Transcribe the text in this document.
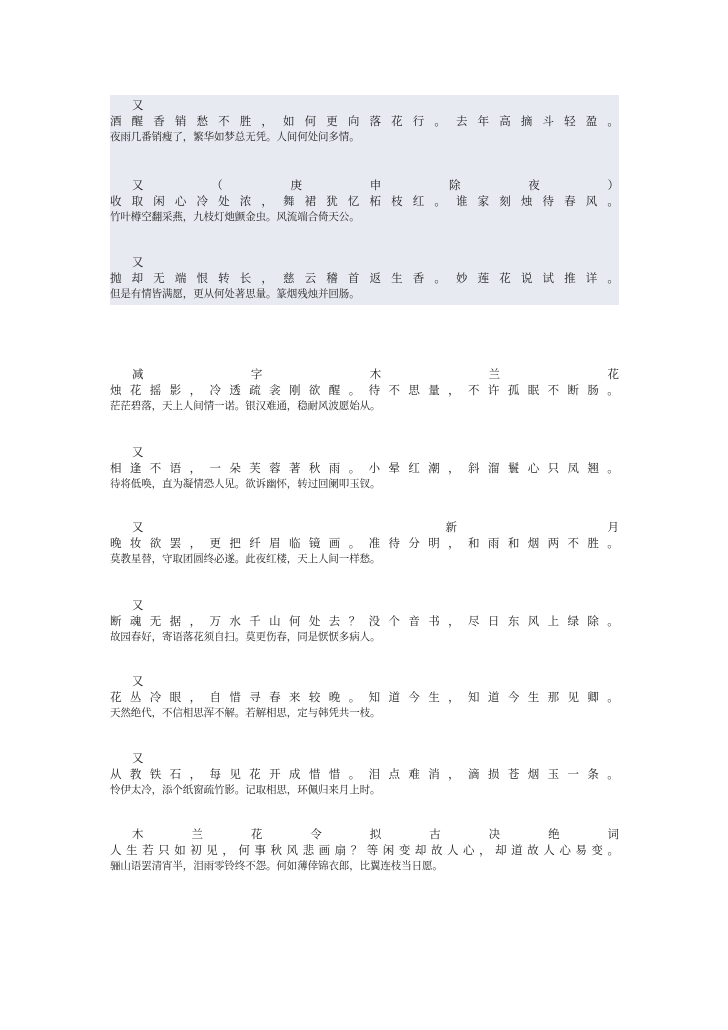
又
酒 醒 香 销 愁 不 胜 ， 如 何 更 向 落 花 行 。 去 年 高 摘 斗 轻 盈 。
夜雨几番销瘦了，繁华如梦总无凭。人间何处问多情。
又	（	庚	申	除	夜	）
收 取 闲 心 冷 处 浓 ， 舞 裙 犹 忆 柘 枝 红 。 谁 家 刻 烛 待 春 风 。
竹叶樽空翻采燕，九枝灯灺颤金虫。风流端合倚天公。
又
抛 却 无 端 恨 转 长 ， 慈 云 稽 首 返 生 香 。 妙 莲 花 说 试 推 详 。
但是有情皆满愿，更从何处著思量。篆烟残烛并回肠。
减	字	木	兰	花
烛 花 摇 影 ， 冷 透 疏 衾 刚 欲 醒 。 待 不 思 量 ， 不 许 孤 眠 不 断 肠 。
茫茫碧落，天上人间情一诺。银汉难通，稳耐风波愿始从。
又
相 逢 不 语 ， 一 朵 芙 蓉 著 秋 雨 。 小 晕 红 潮 ， 斜 溜 鬟 心 只 凤 翘 。
待将低唤，直为凝情恐人见。欲诉幽怀，转过回阑叩玉钗。
又	新	月
晚 妆 欲 罢 ， 更 把 纤 眉 临 镜 画 。 准 待 分 明 ， 和 雨 和 烟 两 不 胜 。
莫教星替，守取团圆终必遂。此夜红楼，天上人间一样愁。
又
断 魂 无 据 ， 万 水 千 山 何 处 去 ？ 没 个 音 书 ， 尽 日 东 风 上 绿 除 。
故园春好，寄语落花须自扫。莫更伤春，同是恹恹多病人。
又
花 丛 冷 眼 ， 自 惜 寻 春 来 较 晚 。 知 道 今 生 ， 知 道 今 生 那 见 卿 。
天然绝代，不信相思浑不解。若解相思，定与韩凭共一枝。
又
从 教 铁 石 ， 每 见 花 开 成 惜 惜 。 泪 点 难 消 ， 滴 损 苍 烟 玉 一 条 。
怜伊太冷，添个纸窗疏竹影。记取相思，环佩归来月上时。
木	兰	花	令	拟	古	决	绝	词
人 生 若 只 如 初 见 ， 何 事 秋 风 悲 画 扇 ？ 等 闲 变 却 故 人 心 ， 却 道 故 人 心 易 变 。
骊山语罢清宵半，泪雨零铃终不怨。何如薄倖锦衣郎，比翼连枝当日愿。
